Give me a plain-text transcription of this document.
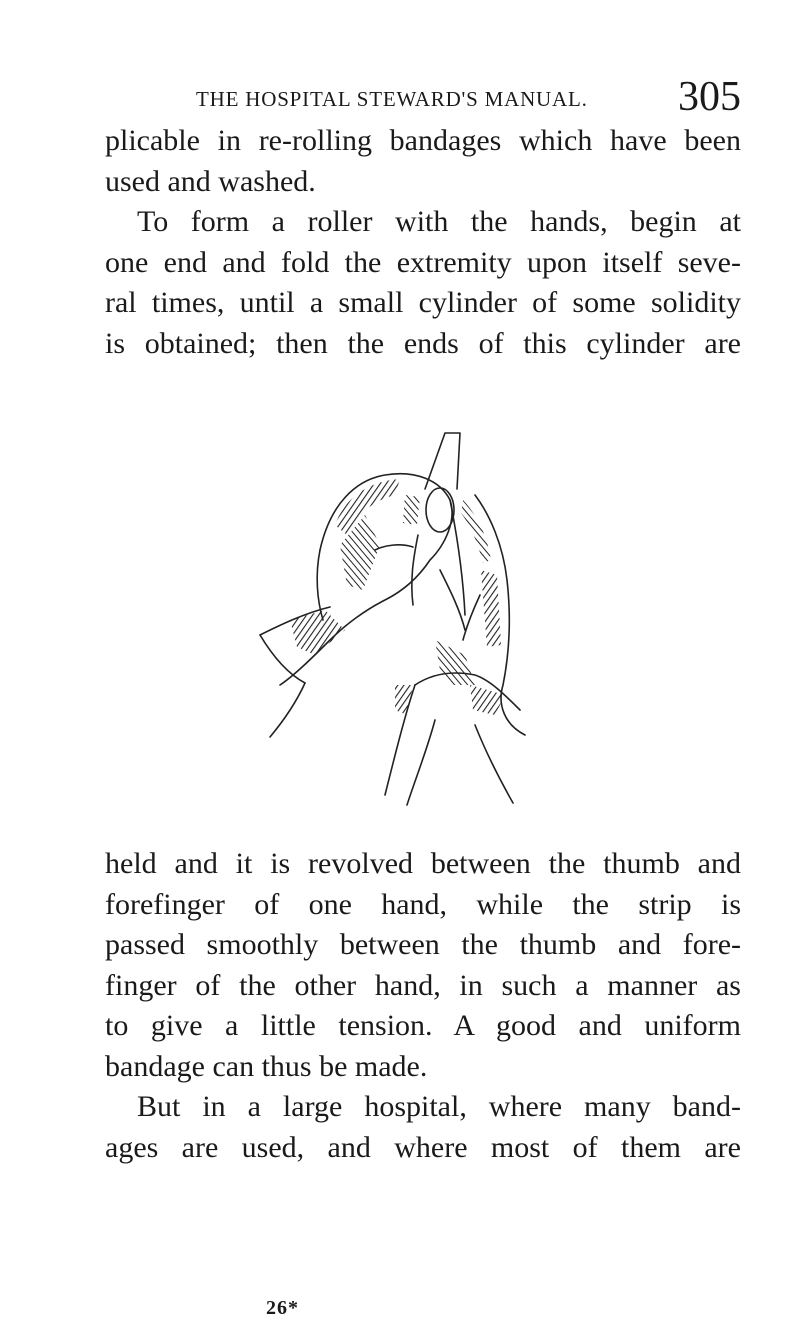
THE HOSPITAL STEWARD'S MANUAL. 305

plicable in re-rolling bandages which have been
used and washed.
To form a roller with the hands, begin at
one end and fold the extremity upon itself seve-
ral times, until a small cylinder of some solidity
is obtained; then the ends of this cylinder are

held and it is revolved between the thumb and
forefinger of one hand, while the strip is
passed smoothly between the thumb and fore-
finger of the other hand, in such a manner as
to give a little tension. A good and uniform
bandage can thus be made.
But in a large hospital, where many band-
ages are used, and where most of them are

26*
